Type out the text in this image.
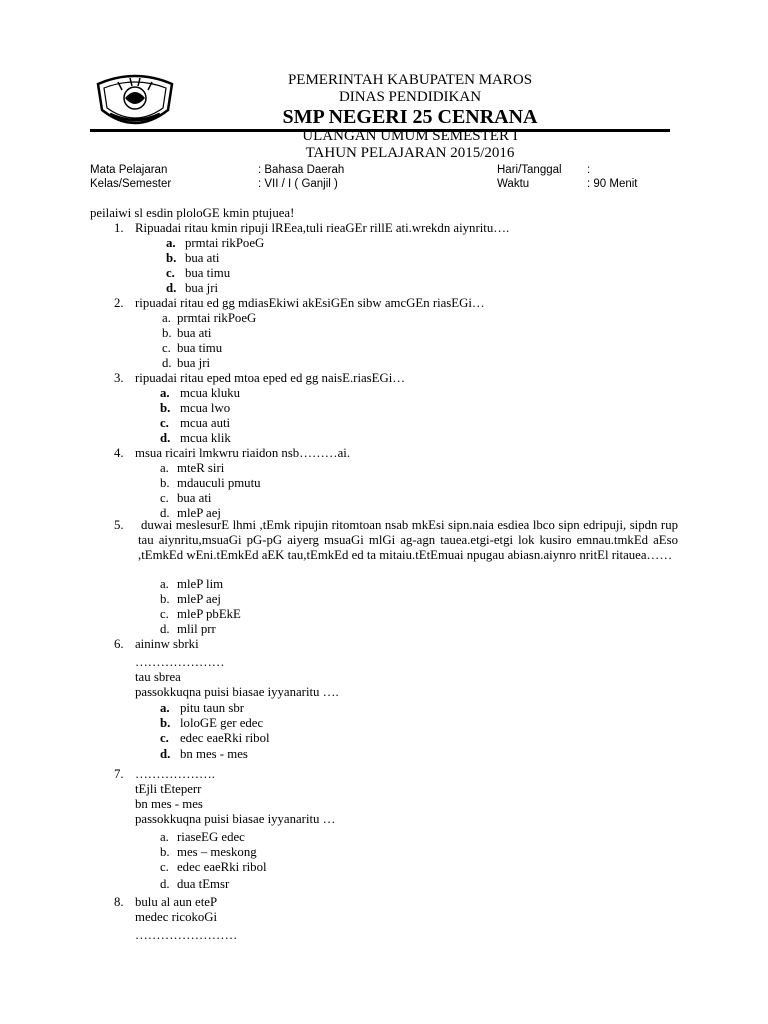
PEMERINTAH KABUPATEN MAROS
DINAS PENDIDIKAN
SMP NEGERI 25 CENRANA
ULANGAN UMUM SEMESTER I
TAHUN PELAJARAN 2015/2016
Mata Pelajaran	: Bahasa Daerah	Hari/Tanggal :
Kelas/Semester	: VII / I ( Ganjil )	Waktu	: 90 Menit
peilaiwi sl esdin ploloGE kmin ptujuea!
1. Ripuadai ritau kmin ripuji lREea,tuli rieaGEr rillE ati.wrekdn aiynritu….
a. prmtai rikPoeG
b. bua ati
c. bua timu
d. bua jri
2. ripuadai ritau ed gg mdiasEkiwi akEsiGEn sibw amcGEn riasEGi…
a. prmtai rikPoeG
b. bua ati
c. bua timu
d. bua jri
3. ripuadai ritau eped mtoa eped ed gg naisE.riasEGi…
a. mcua kluku
b. mcua lwo
c. mcua auti
d. mcua klik
4. msua ricairi lmkwru riaidon nsb………ai.
a. mteR siri
b. mdauculi pmutu
c. bua ati
d. mleP aej
5. duwai meslesurE lhmi ,tEmk ripujin ritomtoan nsab mkEsi sipn.naia esdiea lbco sipn edripuji, sipdn rup tau aiynritu,msuaGi pG-pG aiyerg msuaGi mlGi ag-agn tauea.etgi-etgi lok kusiro emnau.tmkEd aEso ,tEmkEd wEni.tEmkEd aEK tau,tEmkEd ed ta mitaiu.tEtEmuai npugau abiasn.aiynro nritEl ritauea……
a. mleP lim
b. mleP aej
c. mleP pbEkE
d. mlil prr
6. aininw sbrki
…………………
tau sbrea
passokkuqna puisi biasae iyyanaritu ….
a. pitu taun sbr
b. loloGE ger edec
c. edec eaeRki ribol
d. bn mes - mes
7. ……………….
tEjli tEteperr
bn mes - mes
passokkuqna puisi biasae iyyanaritu …
a. riaseEG edec
b. mes – meskong
c. edec eaeRki ribol
d. dua tEmsr
8. bulu al aun eteP
medec ricokoGi
……………………
